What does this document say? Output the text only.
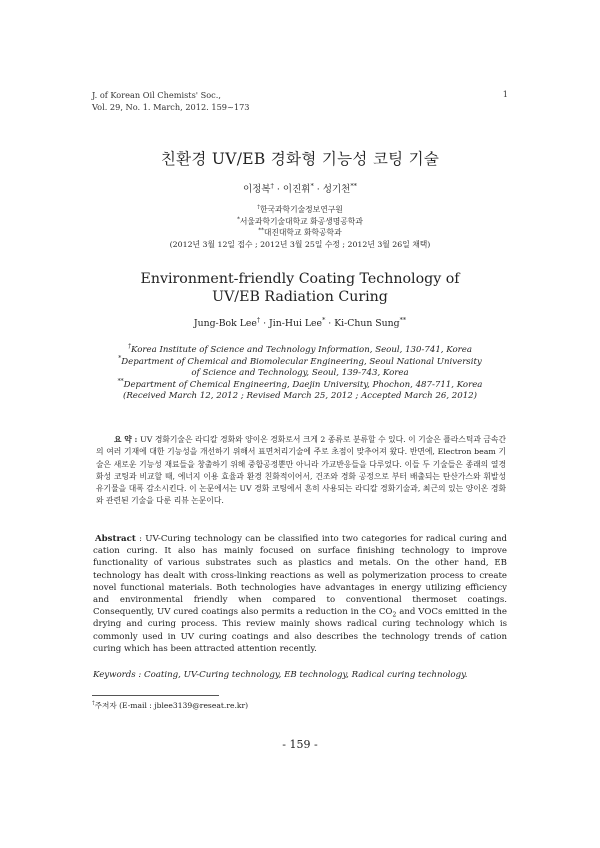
J. of Korean Oil Chemists' Soc.,
Vol. 29, No. 1. March, 2012. 159~173
1
친환경 UV/EB 경화형 기능성 코팅 기술
이정복† · 이진휘* · 성기천**
†한국과학기술정보연구원
*서울과학기술대학교 화공생명공학과
**대진대학교 화학공학과
(2012년 3월 12일 접수 ; 2012년 3월 25일 수정 ; 2012년 3월 26일 채택)
Environment-friendly Coating Technology of
UV/EB Radiation Curing
Jung-Bok Lee† · Jin-Hui Lee* · Ki-Chun Sung**
†Korea Institute of Science and Technology Information, Seoul, 130-741, Korea
*Department of Chemical and Biomolecular Engineering, Seoul National University
of Science and Technology, Seoul, 139-743, Korea
**Department of Chemical Engineering, Daejin University, Phochon, 487-711, Korea
(Received March 12, 2012 ; Revised March 25, 2012 ; Accepted March 26, 2012)
요 약 : UV 경화기술은 라디칼 경화와 양이온 경화로서 크게 2 종류로 분류할 수 있다. 이 기술은 플라스틱과 금속간의 여러 기재에 대한 기능성을 개선하기 위해서 표면처리기술에 주로 초점이 맞추어져 왔다. 반면에, Electron beam 기술은 새로운 기능성 재료들을 창출하기 위해 중합공정뿐만 아니라 가교반응들을 다루었다. 이들 두 기술들은 종래의 열경화성 코팅과 비교할 때, 에너지 이용 효율과 환경 친화적이어서, 건조와 경화 공정으로 부터 배출되는 탄산가스와 휘발성 유기물을 대폭 감소시킨다. 이 논문에서는 UV 경화 코팅에서 흔히 사용되는 라디칼 경화기술과, 최근의 있는 양이온 경화와 관련된 기술을 다룬 리뷰 논문이다.
Abstract : UV-Curing technology can be classified into two categories for radical curing and cation curing. It also has mainly focused on surface finishing technology to improve functionality of various substrates such as plastics and metals. On the other hand, EB technology has dealt with cross-linking reactions as well as polymerization process to create novel functional materials. Both technologies have advantages in energy utilizing efficiency and environmental friendly when compared to conventional thermoset coatings. Consequently, UV cured coatings also permits a reduction in the $CO_2$ and VOCs emitted in the drying and curing process. This review mainly shows radical curing technology which is commonly used in UV curing coatings and also describes the technology trends of cation curing which has been attracted attention recently.
Keywords : Coating, UV-Curing technology, EB technology, Radical curing technology.
†주저자 (E-mail : jblee3139@reseat.re.kr)
- 159 -
